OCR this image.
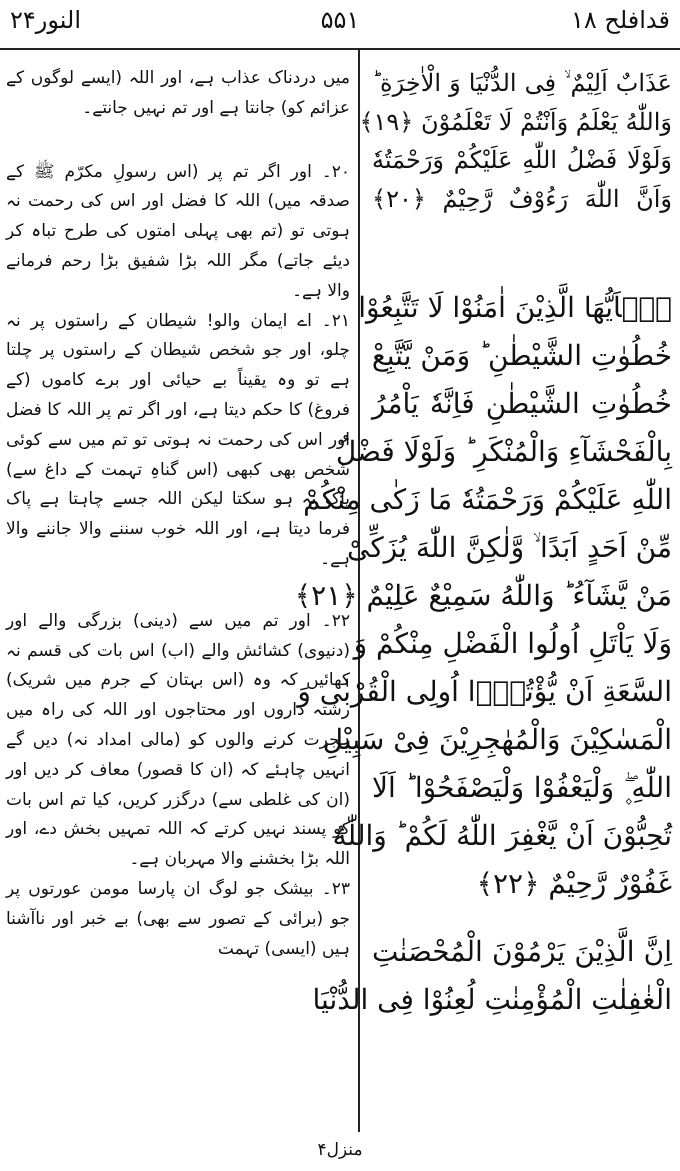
النور۲۴	۵۵۱	قدافلح ۱۸

میں دردناک عذاب ہے، اور اللہ (ایسے لوگوں کے عزائم کو) جانتا ہے اور تم نہیں جانتے۔

۲۰۔ اور اگر تم پر (اس رسولِ مکرّم ﷺ کے صدقہ میں) اللہ کا فضل اور اس کی رحمت نہ ہوتی تو (تم بھی پہلی امتوں کی طرح تباہ کر دیئے جاتے) مگر اللہ بڑا شفیق بڑا رحم فرمانے والا ہے۔

۲۱۔ اے ایمان والو! شیطان کے راستوں پر نہ چلو، اور جو شخص شیطان کے راستوں پر چلتا ہے تو وہ یقیناً بے حیائی اور برے کاموں (کے فروغ) کا حکم دیتا ہے، اور اگر تم پر اللہ کا فضل اور اس کی رحمت نہ ہوتی تو تم میں سے کوئی شخص بھی کبھی (اس گناہِ تہمت کے داغ سے) پاک نہ ہو سکتا لیکن اللہ جسے چاہتا ہے پاک فرما دیتا ہے، اور اللہ خوب سننے والا جاننے والا ہے۔

۲۲۔ اور تم میں سے (دینی) بزرگی والے اور (دنیوی) کشائش والے (اب) اس بات کی قسم نہ کھائیں کہ وہ (اس بہتان کے جرم میں شریک) رشتہ داروں اور محتاجوں اور اللہ کی راہ میں ہجرت کرنے والوں کو (مالی امداد نہ) دیں گے انہیں چاہئے کہ (ان کا قصور) معاف کر دیں اور (ان کی غلطی سے) درگزر کریں، کیا تم اس بات کو پسند نہیں کرتے کہ اللہ تمہیں بخش دے، اور اللہ بڑا بخشنے والا مہربان ہے۔

۲۳۔ بیشک جو لوگ ان پارسا مومن عورتوں پر جو (برائی کے تصور سے بھی) بے خبر اور ناآشنا ہیں (ایسی) تہمت

عَذَابٌ اَلِیْمٌ ۙ فِی الدُّنْیَا وَ الْاٰخِرَةِ ؕ
وَاللّٰهُ یَعْلَمُ وَاَنْتُمْ لَا تَعْلَمُوْنَ ﴿۱۹﴾
وَلَوْلَا فَضْلُ اللّٰهِ عَلَیْكُمْ وَرَحْمَتُهٗ
وَاَنَّ اللّٰهَ رَءُوْفٌ رَّحِیْمٌ ﴿۲۰﴾
یٰۤاَیُّهَا الَّذِیْنَ اٰمَنُوْا لَا تَتَّبِعُوْا
خُطُوٰتِ الشَّیْطٰنِ ؕ وَمَنْ یَّتَّبِعْ
خُطُوٰتِ الشَّیْطٰنِ فَاِنَّهٗ یَاْمُرُ
بِالْفَحْشَآءِ وَالْمُنْكَرِ ؕ وَلَوْلَا فَضْلُ
اللّٰهِ عَلَیْكُمْ وَرَحْمَتُهٗ مَا زَكٰى مِنْكُمْ
مِّنْ اَحَدٍ اَبَدًا ۙ وَّلٰكِنَّ اللّٰهَ یُزَكِّیْ
مَنْ یَّشَآءُ ؕ وَاللّٰهُ سَمِیْعٌ عَلِیْمٌ ﴿۲۱﴾
وَلَا یَاْتَلِ اُولُوا الْفَضْلِ مِنْكُمْ وَ
السَّعَةِ اَنْ یُّؤْتُوْۤا اُولِی الْقُرْبٰى وَ
الْمَسٰكِیْنَ وَالْمُهٰجِرِیْنَ فِیْ سَبِیْلِ
اللّٰهِ ۪ۖ وَلْیَعْفُوْا وَلْیَصْفَحُوْا ؕ اَلَا
تُحِبُّوْنَ اَنْ یَّغْفِرَ اللّٰهُ لَكُمْ ؕ وَاللّٰهُ
غَفُوْرٌ رَّحِیْمٌ ﴿۲۲﴾
اِنَّ الَّذِیْنَ یَرْمُوْنَ الْمُحْصَنٰتِ
الْغٰفِلٰتِ الْمُؤْمِنٰتِ لُعِنُوْا فِی الدُّنْیَا
منزل۴
